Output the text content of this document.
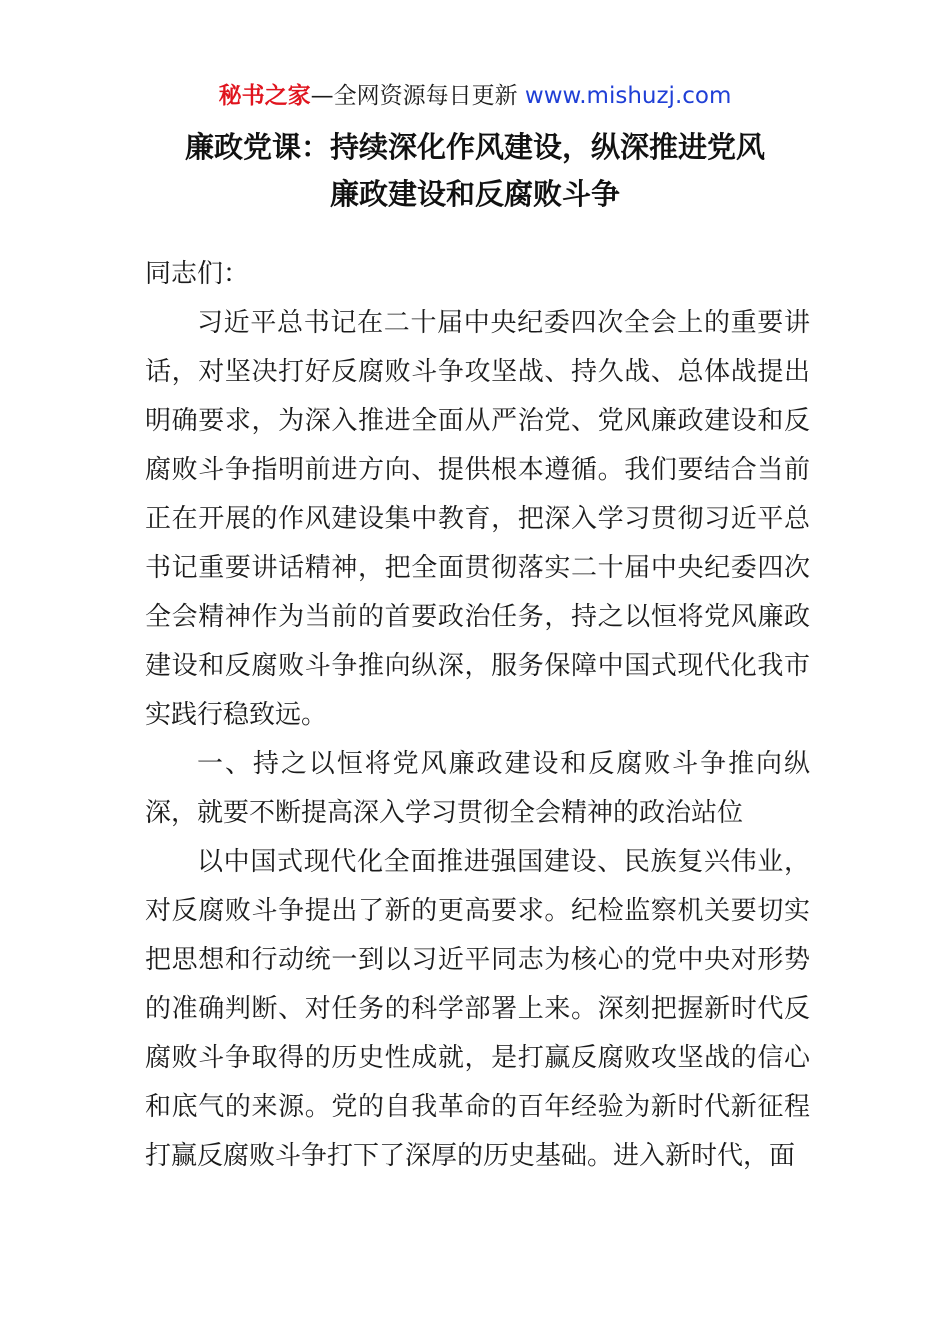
秘书之家—全网资源每日更新 www.mishuzj.com
廉政党课：持续深化作风建设，纵深推进党风
廉政建设和反腐败斗争

同志们：

习近平总书记在二十届中央纪委四次全会上的重要讲话，对坚决打好反腐败斗争攻坚战、持久战、总体战提出明确要求，为深入推进全面从严治党、党风廉政建设和反腐败斗争指明前进方向、提供根本遵循。我们要结合当前正在开展的作风建设集中教育，把深入学习贯彻习近平总书记重要讲话精神，把全面贯彻落实二十届中央纪委四次全会精神作为当前的首要政治任务，持之以恒将党风廉政建设和反腐败斗争推向纵深，服务保障中国式现代化我市实践行稳致远。

一、持之以恒将党风廉政建设和反腐败斗争推向纵深，就要不断提高深入学习贯彻全会精神的政治站位

以中国式现代化全面推进强国建设、民族复兴伟业，对反腐败斗争提出了新的更高要求。纪检监察机关要切实把思想和行动统一到以习近平同志为核心的党中央对形势的准确判断、对任务的科学部署上来。深刻把握新时代反腐败斗争取得的历史性成就，是打赢反腐败攻坚战的信心和底气的来源。党的自我革命的百年经验为新时代新征程打赢反腐败斗争打下了深厚的历史基础。进入新时代，面
